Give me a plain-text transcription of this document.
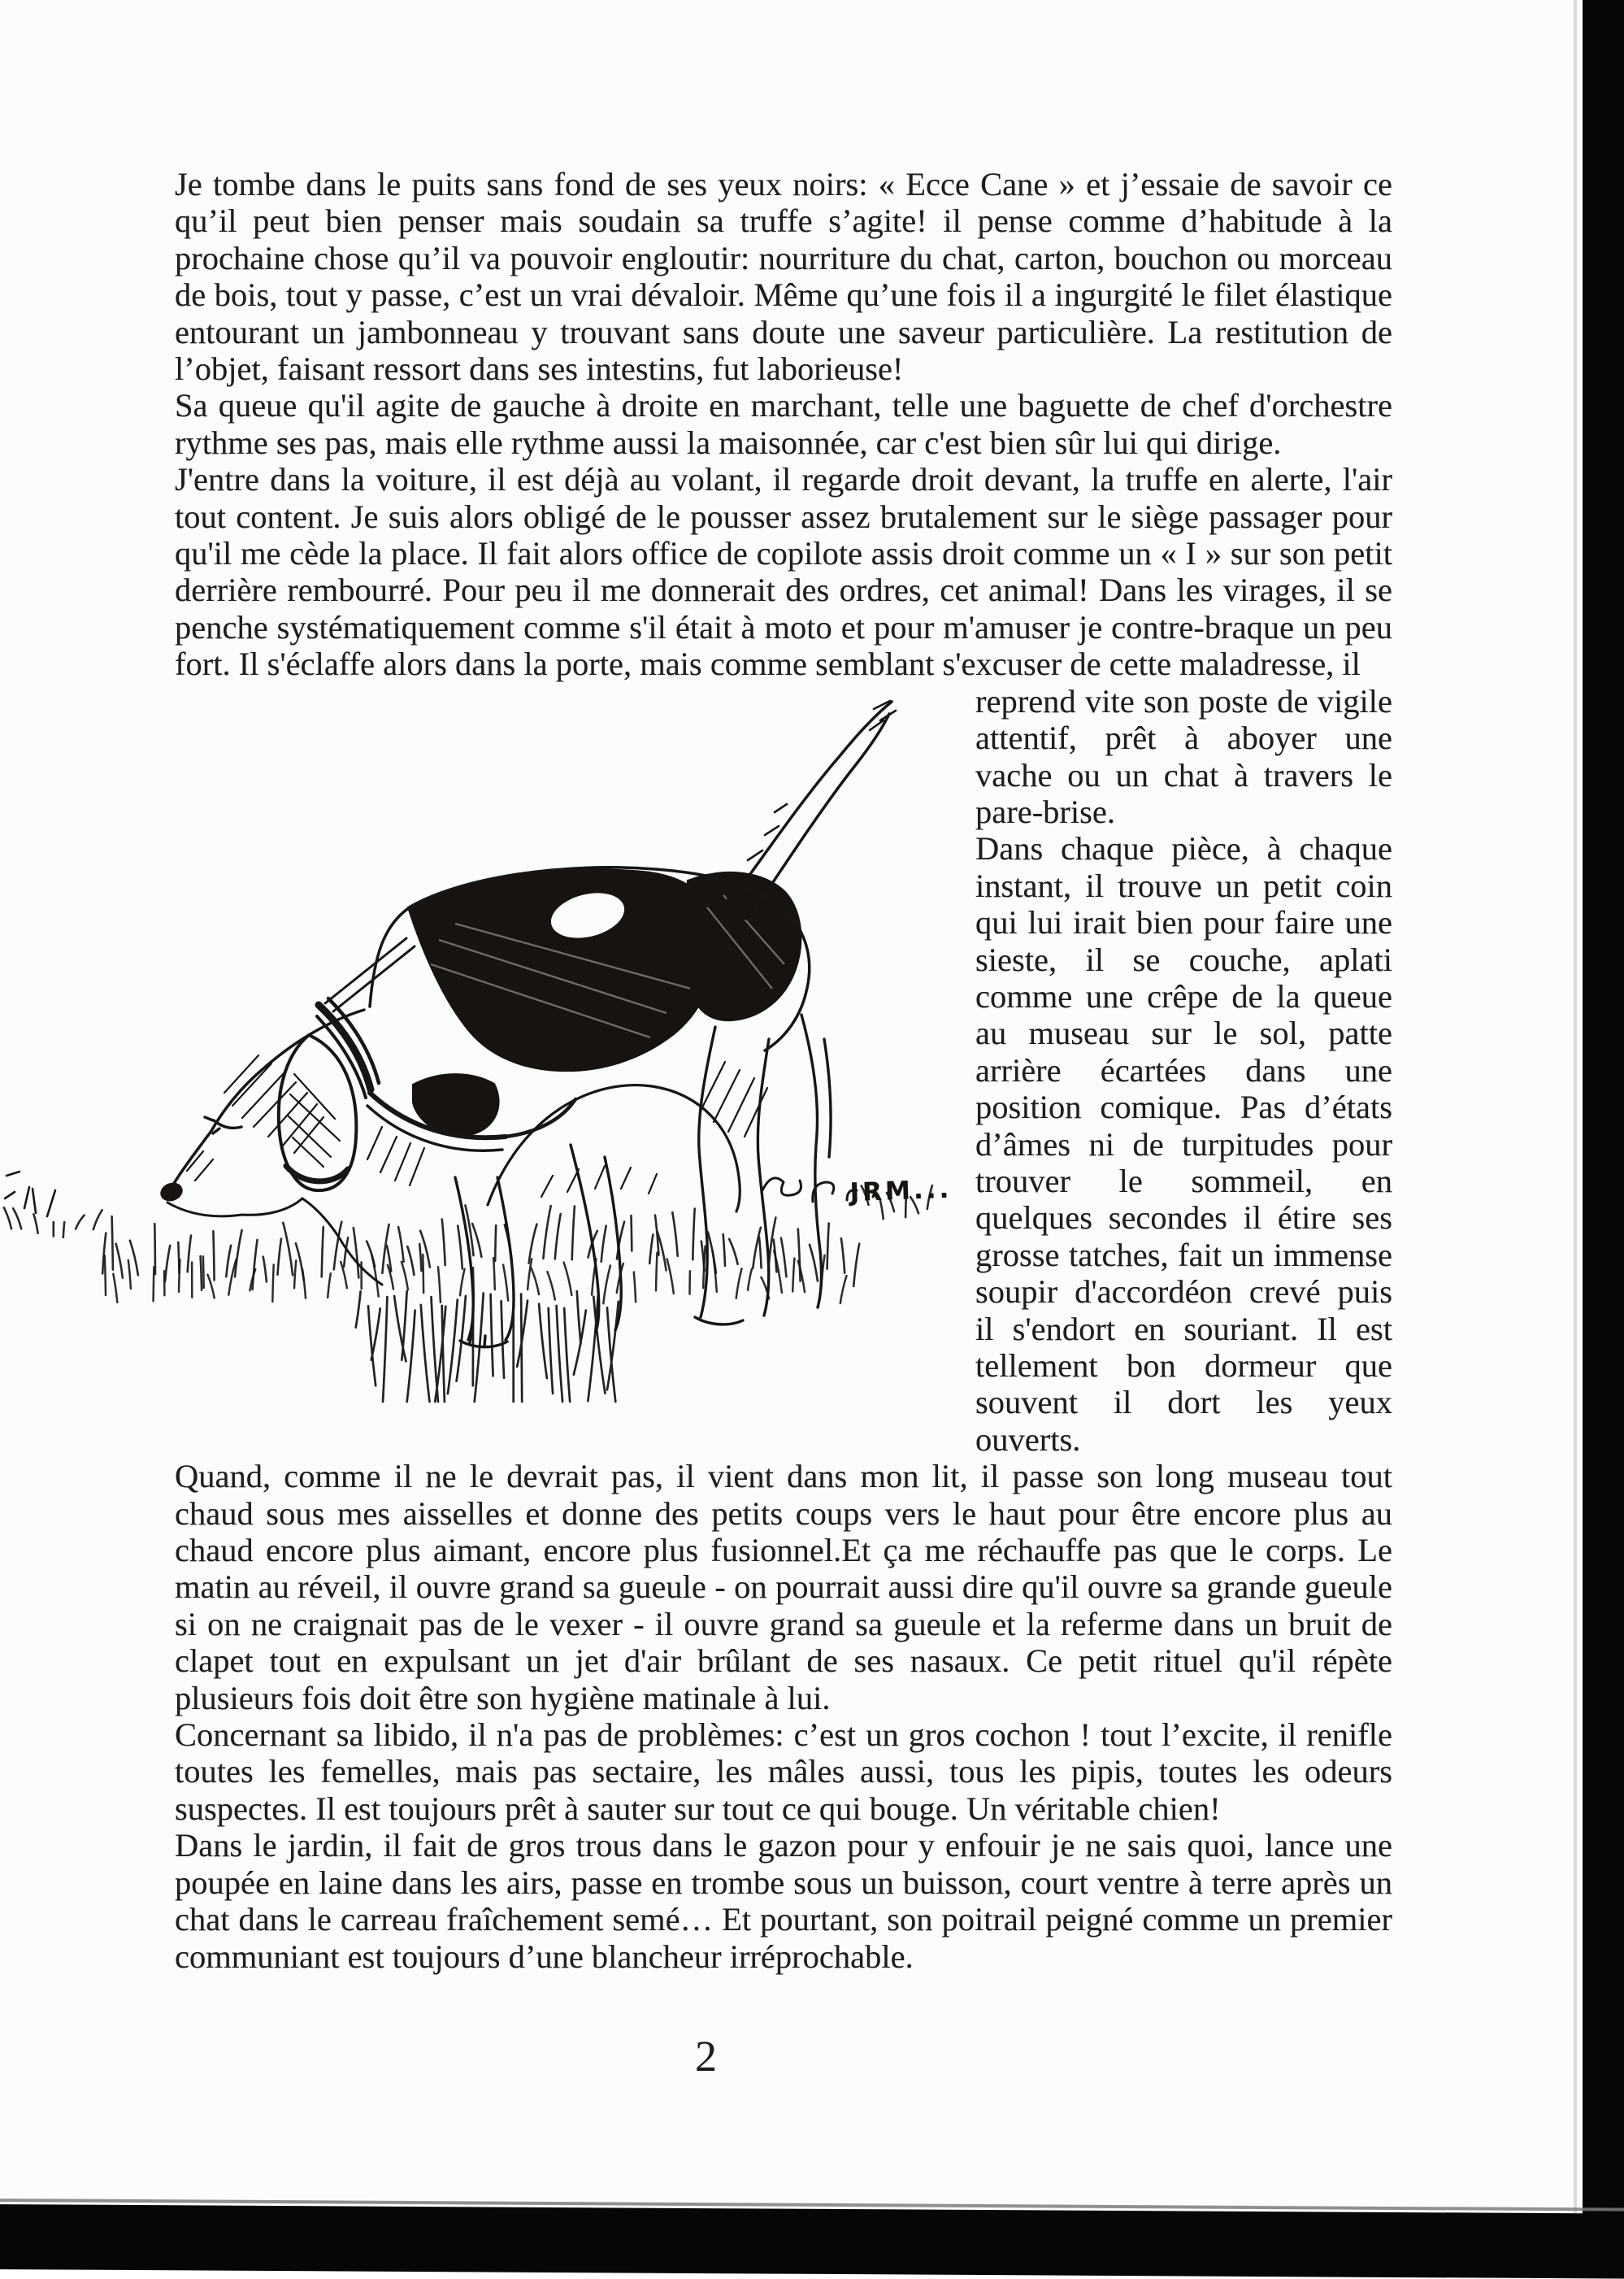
Je tombe dans le puits sans fond de ses yeux noirs: « Ecce Cane » et j’essaie de savoir ce qu’il peut bien penser mais soudain sa truffe s’agite! il pense comme d’habitude à la prochaine chose qu’il va pouvoir engloutir: nourriture du chat, carton, bouchon ou morceau de bois, tout y passe, c’est un vrai dévaloir. Même qu’une fois il a ingurgité le filet élastique entourant un jambonneau y trouvant sans doute une saveur particulière. La restitution de l’objet, faisant ressort dans ses intestins, fut laborieuse!

Sa queue qu'il agite de gauche à droite en marchant, telle une baguette de chef d'orchestre rythme ses pas, mais elle rythme aussi la maisonnée, car c'est bien sûr lui qui dirige.

J'entre dans la voiture, il est déjà au volant, il regarde droit devant, la truffe en alerte, l'air tout content. Je suis alors obligé de le pousser assez brutalement sur le siège passager pour qu'il me cède la place. Il fait alors office de copilote assis droit comme un « I » sur son petit derrière rembourré. Pour peu il me donnerait des ordres, cet animal! Dans les virages, il se penche systématiquement comme s'il était à moto et pour m'amuser je contre-braque un peu fort. Il s'éclaffe alors dans la porte, mais comme semblant s'excuser de cette maladresse, il

JRM...

reprend vite son poste de vigile attentif, prêt à aboyer une vache ou un chat à travers le pare-brise.

Dans chaque pièce, à chaque instant, il trouve un petit coin qui lui irait bien pour faire une sieste, il se couche, aplati comme une crêpe de la queue au museau sur le sol, patte arrière écartées dans une position comique. Pas d’états d’âmes ni de turpitudes pour trouver le sommeil, en quelques secondes il étire ses grosse tatches, fait un immense soupir d'accordéon crevé puis il s'endort en souriant. Il est tellement bon dormeur que souvent il dort les yeux ouverts.

Quand, comme il ne le devrait pas, il vient dans mon lit, il passe son long museau tout chaud sous mes aisselles et donne des petits coups vers le haut pour être encore plus au chaud encore plus aimant, encore plus fusionnel.Et ça me réchauffe pas que le corps. Le matin au réveil, il ouvre grand sa gueule - on pourrait aussi dire qu'il ouvre sa grande gueule si on ne craignait pas de le vexer - il ouvre grand sa gueule et la referme dans un bruit de clapet tout en expulsant un jet d'air brûlant de ses nasaux. Ce petit rituel qu'il répète plusieurs fois doit être son hygiène matinale à lui.

Concernant sa libido, il n'a pas de problèmes: c’est un gros cochon ! tout l’excite, il renifle toutes les femelles, mais pas sectaire, les mâles aussi, tous les pipis, toutes les odeurs suspectes. Il est toujours prêt à sauter sur tout ce qui bouge. Un véritable chien!

Dans le jardin, il fait de gros trous dans le gazon pour y enfouir je ne sais quoi, lance une poupée en laine dans les airs, passe en trombe sous un buisson, court ventre à terre après un chat dans le carreau fraîchement semé… Et pourtant, son poitrail peigné comme un premier communiant est toujours d’une blancheur irréprochable.

2
